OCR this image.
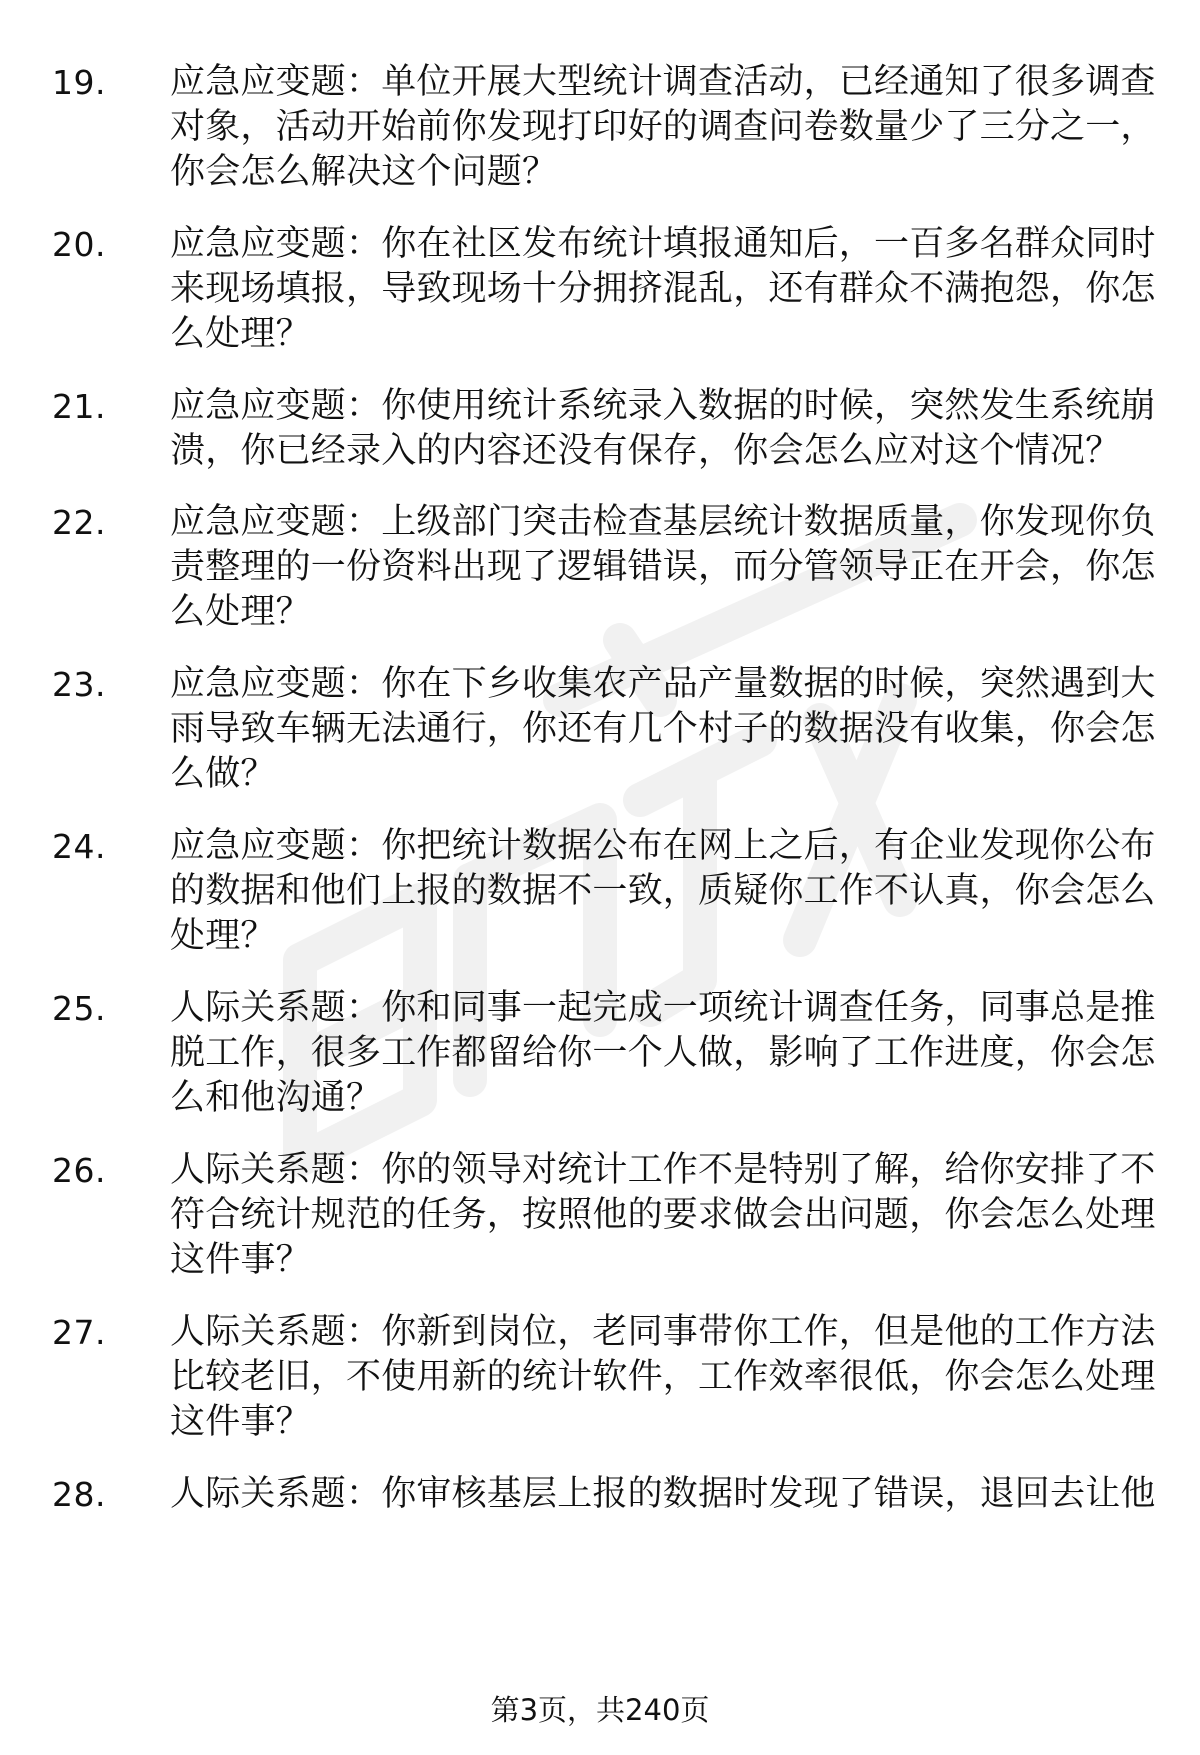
19.	应急应变题：单位开展大型统计调查活动，已经通知了很多调查对象，活动开始前你发现打印好的调查问卷数量少了三分之一，你会怎么解决这个问题？
20.	应急应变题：你在社区发布统计填报通知后，一百多名群众同时来现场填报，导致现场十分拥挤混乱，还有群众不满抱怨，你怎么处理？
21.	应急应变题：你使用统计系统录入数据的时候，突然发生系统崩溃，你已经录入的内容还没有保存，你会怎么应对这个情况？
22.	应急应变题：上级部门突击检查基层统计数据质量，你发现你负责整理的一份资料出现了逻辑错误，而分管领导正在开会，你怎么处理？
23.	应急应变题：你在下乡收集农产品产量数据的时候，突然遇到大雨导致车辆无法通行，你还有几个村子的数据没有收集，你会怎么做？
24.	应急应变题：你把统计数据公布在网上之后，有企业发现你公布的数据和他们上报的数据不一致，质疑你工作不认真，你会怎么处理？
25.	人际关系题：你和同事一起完成一项统计调查任务，同事总是推脱工作，很多工作都留给你一个人做，影响了工作进度，你会怎么和他沟通？
26.	人际关系题：你的领导对统计工作不是特别了解，给你安排了不符合统计规范的任务，按照他的要求做会出问题，你会怎么处理这件事？
27.	人际关系题：你新到岗位，老同事带你工作，但是他的工作方法比较老旧，不使用新的统计软件，工作效率很低，你会怎么处理这件事？
28.	人际关系题：你审核基层上报的数据时发现了错误，退回去让他
第3页，共240页
